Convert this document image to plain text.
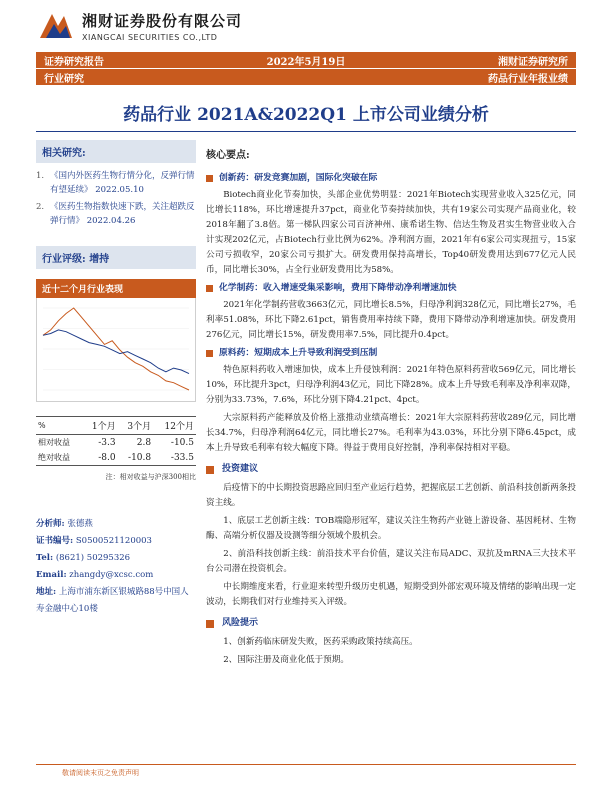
湘财证券股份有限公司
XIANGCAI SECURITIES CO.,LTD
证券研究报告	2022年5月19日	湘财证券研究所
行业研究	药品行业年报业绩
药品行业 2021A&2022Q1 上市公司业绩分析
相关研究:
1. 《国内外医药生物行情分化，反弹行情有望延续》 2022.05.10
2. 《医药生物指数快速下跌，关注超跌反弹行情》 2022.04.26
行业评级: 增持
近十二个月行业表现
%	1个月	3个月	12个月
相对收益	-3.3	2.8	-10.5
绝对收益	-8.0	-10.8	-33.5
注：相对收益与沪深300相比
分析师: 张德燕
证书编号: S0500521120003
Tel: (8621) 50295326
Email: zhangdy@xcsc.com
地址: 上海市浦东新区银城路88号中国人寿金融中心10楼
核心要点:
创新药：研发竞赛加剧，国际化突破在际

Biotech商业化节奏加快，头部企业优势明显：2021年Biotech实现营业收入325亿元，同比增长118%，环比增速提升37pct，商业化节奏持续加快，共有19家公司实现产品商业化，较2018年翻了3.8倍。第一梯队四家公司百济神州、康希诺生物、信达生物及君实生物营业收入合计实现202亿元，占Biotech行业比例为62%。净利润方面，2021年有6家公司实现扭亏，15家公司亏损收窄，20家公司亏损扩大。研发费用保持高增长，Top40研发费用达到677亿元人民币，同比增长30%，占全行业研发费用比为58%。

化学制药：收入增速受集采影响，费用下降带动净利增速加快

2021年化学制药营收3663亿元，同比增长8.5%，归母净利润328亿元，同比增长27%，毛利率51.08%，环比下降2.61pct，销售费用率持续下降，费用下降带动净利增速加快。研发费用276亿元，同比增长15%，研发费用率7.5%，同比提升0.4pct。

原料药：短期成本上升导致利润受到压制

特色原料药收入增速加快，成本上升侵蚀利润：2021年特色原料药营收569亿元，同比增长10%，环比提升3pct，归母净利润43亿元，同比下降28%。成本上升导致毛利率及净利率双降，分别为33.73%，7.6%，环比分别下降4.21pct、4pct。

大宗原料药产能释放及价格上涨推动业绩高增长：2021年大宗原料药营收289亿元，同比增长34.7%，归母净利润64亿元，同比增长27%。毛利率为43.03%，环比分别下降6.45pct，成本上升导致毛利率有较大幅度下降。得益于费用良好控制，净利率保持相对平稳。

投资建议

后疫情下的中长期投资思路应回归至产业运行趋势，把握底层工艺创新、前沿科技创新两条投资主线。

1、底层工艺创新主线：TOB端隐形冠军，建议关注生物药产业链上游设备、基因耗材、生物酶、高端分析仪器及设测等细分领域个股机会。

2、前沿科技创新主线：前沿技术平台价值，建议关注布局ADC、双抗及mRNA三大技术平台公司潜在投资机会。

中长期维度来看，行业迎来转型升级历史机遇，短期受到外部宏观环境及情绪的影响出现一定波动，长期我们对行业维持买入评级。

风险提示

1、创新药临床研发失败，医药采购政策持续高压。

2、国际注册及商业化低于预期。

敬请阅读末页之免责声明
